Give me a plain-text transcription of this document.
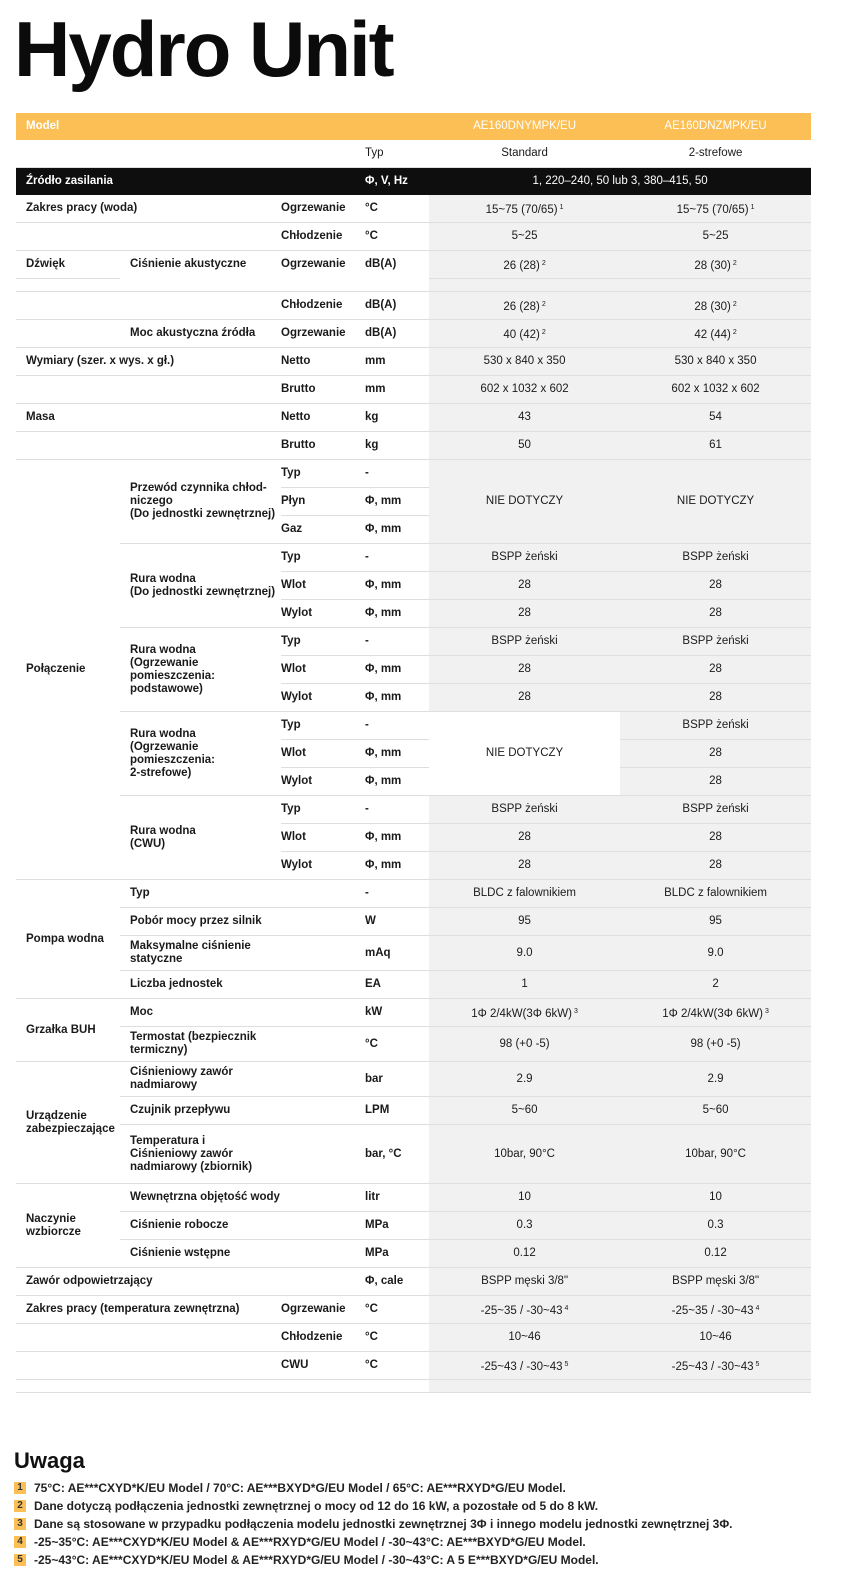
Hydro Unit
Model				AE160DNYMPK/EU	AE160DNZMPK/EU
			Typ	Standard	2-strefowe
Źródło zasilania			Φ, V, Hz	1, 220–240, 50 lub 3, 380–415, 50	
Zakres pracy (woda)		Ogrzewanie	°C	15~75 (70/65) $^1$	15~75 (70/65) $^1$
		Chłodzenie	°C	5~25	5~25
Dźwięk	Ciśnienie akustyczne	Ogrzewanie	dB(A)	26 (28) $^2$	28 (30) $^2$

		Chłodzenie	dB(A)	26 (28) $^2$	28 (30) $^2$
	Moc akustyczna źródła	Ogrzewanie	dB(A)	40 (42) $^2$	42 (44) $^2$
Wymiary (szer. x wys. x gł.)		Netto	mm	530 x 840 x 350	530 x 840 x 350
		Brutto	mm	602 x 1032 x 602	602 x 1032 x 602
Masa		Netto	kg	43	54
		Brutto	kg	50	61
Połączenie	Przewód czynnika chłod-
niczego
(Do jednostki zewnętrznej)	Typ	-	NIE DOTYCZY	NIE DOTYCZY
		Płyn	Φ, mm		
		Gaz	Φ, mm		
	Rura wodna
(Do jednostki zewnętrznej)	Typ	-	BSPP żeński	BSPP żeński
		Wlot	Φ, mm	28	28
		Wylot	Φ, mm	28	28
	Rura wodna
(Ogrzewanie pomieszczenia:
podstawowe)	Typ	-	BSPP żeński	BSPP żeński
		Wlot	Φ, mm	28	28
		Wylot	Φ, mm	28	28
	Rura wodna
(Ogrzewanie pomieszczenia:
2-strefowe)	Typ	-	NIE DOTYCZY	BSPP żeński
		Wlot	Φ, mm		28
		Wylot	Φ, mm		28
	Rura wodna
(CWU)	Typ	-	BSPP żeński	BSPP żeński
		Wlot	Φ, mm	28	28
		Wylot	Φ, mm	28	28
Pompa wodna	Typ		-	BLDC z falownikiem	BLDC z falownikiem
	Pobór mocy przez silnik		W	95	95
	Maksymalne ciśnienie
statyczne		mAq	9.0	9.0
	Liczba jednostek		EA	1	2
Grzałka BUH	Moc		kW	1Φ 2/4kW(3Φ 6kW) $^3$	1Φ 2/4kW(3Φ 6kW) $^3$
	Termostat (bezpiecznik
termiczny)		°C	98 (+0 -5)	98 (+0 -5)
Urządzenie
zabezpieczające	Ciśnieniowy zawór
nadmiarowy		bar	2.9	2.9
	Czujnik przepływu		LPM	5~60	5~60
	Temperatura i
Ciśnieniowy zawór
nadmiarowy (zbiornik)		bar, °C	10bar, 90°C	10bar, 90°C
Naczynie
wzbiorcze	Wewnętrzna objętość wody		litr	10	10
	Ciśnienie robocze		MPa	0.3	0.3
	Ciśnienie wstępne		MPa	0.12	0.12
Zawór odpowietrzający			Φ, cale	BSPP męski 3/8"	BSPP męski 3/8"
Zakres pracy (temperatura zewnętrzna)		Ogrzewanie	°C	-25~35 / -30~43 $^4$	-25~35 / -30~43 $^4$
		Chłodzenie	°C	10~46	10~46
		CWU	°C	-25~43 / -30~43 $^5$	-25~43 / -30~43 $^5$

Uwaga
1 75°C: AE***CXYD*K/EU Model / 70°C: AE***BXYD*G/EU Model / 65°C: AE***RXYD*G/EU Model.
2 Dane dotyczą podłączenia jednostki zewnętrznej o mocy od 12 do 16 kW, a pozostałe od 5 do 8 kW.
3 Dane są stosowane w przypadku podłączenia modelu jednostki zewnętrznej 3Φ i innego modelu jednostki zewnętrznej 3Φ.
4 -25~35°C: AE***CXYD*K/EU Model & AE***RXYD*G/EU Model / -30~43°C: AE***BXYD*G/EU Model.
5 -25~43°C: AE***CXYD*K/EU Model & AE***RXYD*G/EU Model / -30~43°C: A 5 E***BXYD*G/EU Model.
